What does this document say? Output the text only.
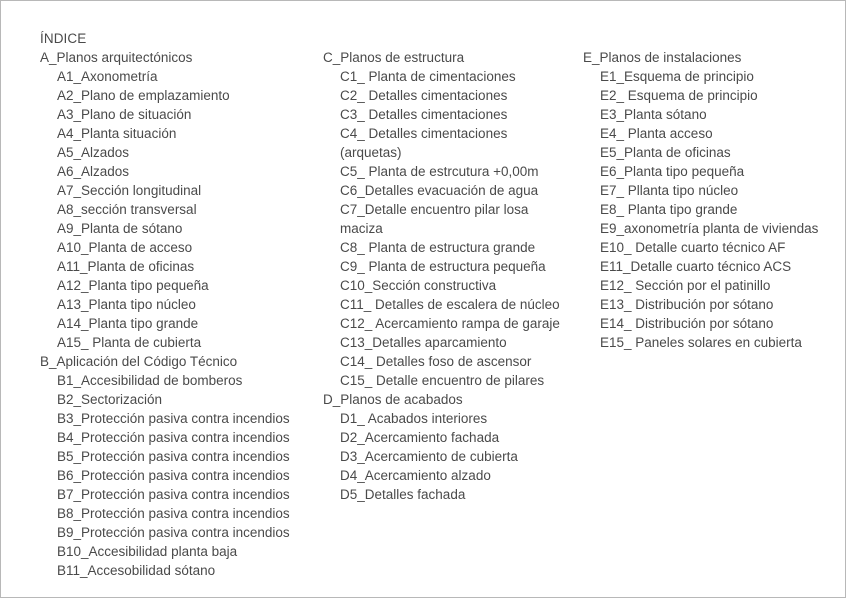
ÍNDICE
A_Planos arquitectónicos
A1_Axonometría
A2_Plano de emplazamiento
A3_Plano de situación
A4_Planta situación
A5_Alzados
A6_Alzados
A7_Sección longitudinal
A8_sección transversal
A9_Planta de sótano
A10_Planta de acceso
A11_Planta de oficinas
A12_Planta tipo pequeña
A13_Planta tipo núcleo
A14_Planta tipo grande
A15_ Planta de cubierta
B_Aplicación del Código Técnico
B1_Accesibilidad de bomberos
B2_Sectorización
B3_Protección pasiva contra incendios
B4_Protección pasiva contra incendios
B5_Protección pasiva contra incendios
B6_Protección pasiva contra incendios
B7_Protección pasiva contra incendios
B8_Protección pasiva contra incendios
B9_Protección pasiva contra incendios
B10_Accesibilidad planta baja
B11_Accesobilidad sótano
C_Planos de estructura
C1_ Planta de cimentaciones
C2_ Detalles cimentaciones
C3_ Detalles cimentaciones
C4_ Detalles cimentaciones (arquetas)
C5_ Planta de estrcutura +0,00m
C6_Detalles evacuación de agua
C7_Detalle encuentro pilar losa maciza
C8_ Planta de estructura grande
C9_ Planta de estructura pequeña
C10_Sección constructiva
C11_ Detalles de escalera de núcleo
C12_ Acercamiento rampa de garaje
C13_Detalles aparcamiento
C14_ Detalles foso de ascensor
C15_ Detalle encuentro de pilares
D_Planos de acabados
D1_ Acabados interiores
D2_Acercamiento fachada
D3_Acercamiento de cubierta
D4_Acercamiento alzado
D5_Detalles fachada
E_Planos de instalaciones
E1_Esquema de principio
E2_ Esquema de principio
E3_Planta sótano
E4_ Planta acceso
E5_Planta de oficinas
E6_Planta tipo pequeña
E7_ Pllanta tipo núcleo
E8_ Planta tipo grande
E9_axonometría planta de viviendas
E10_ Detalle cuarto técnico AF
E11_Detalle cuarto técnico ACS
E12_ Sección por el patinillo
E13_ Distribución por sótano
E14_ Distribución por sótano
E15_ Paneles solares en cubierta
